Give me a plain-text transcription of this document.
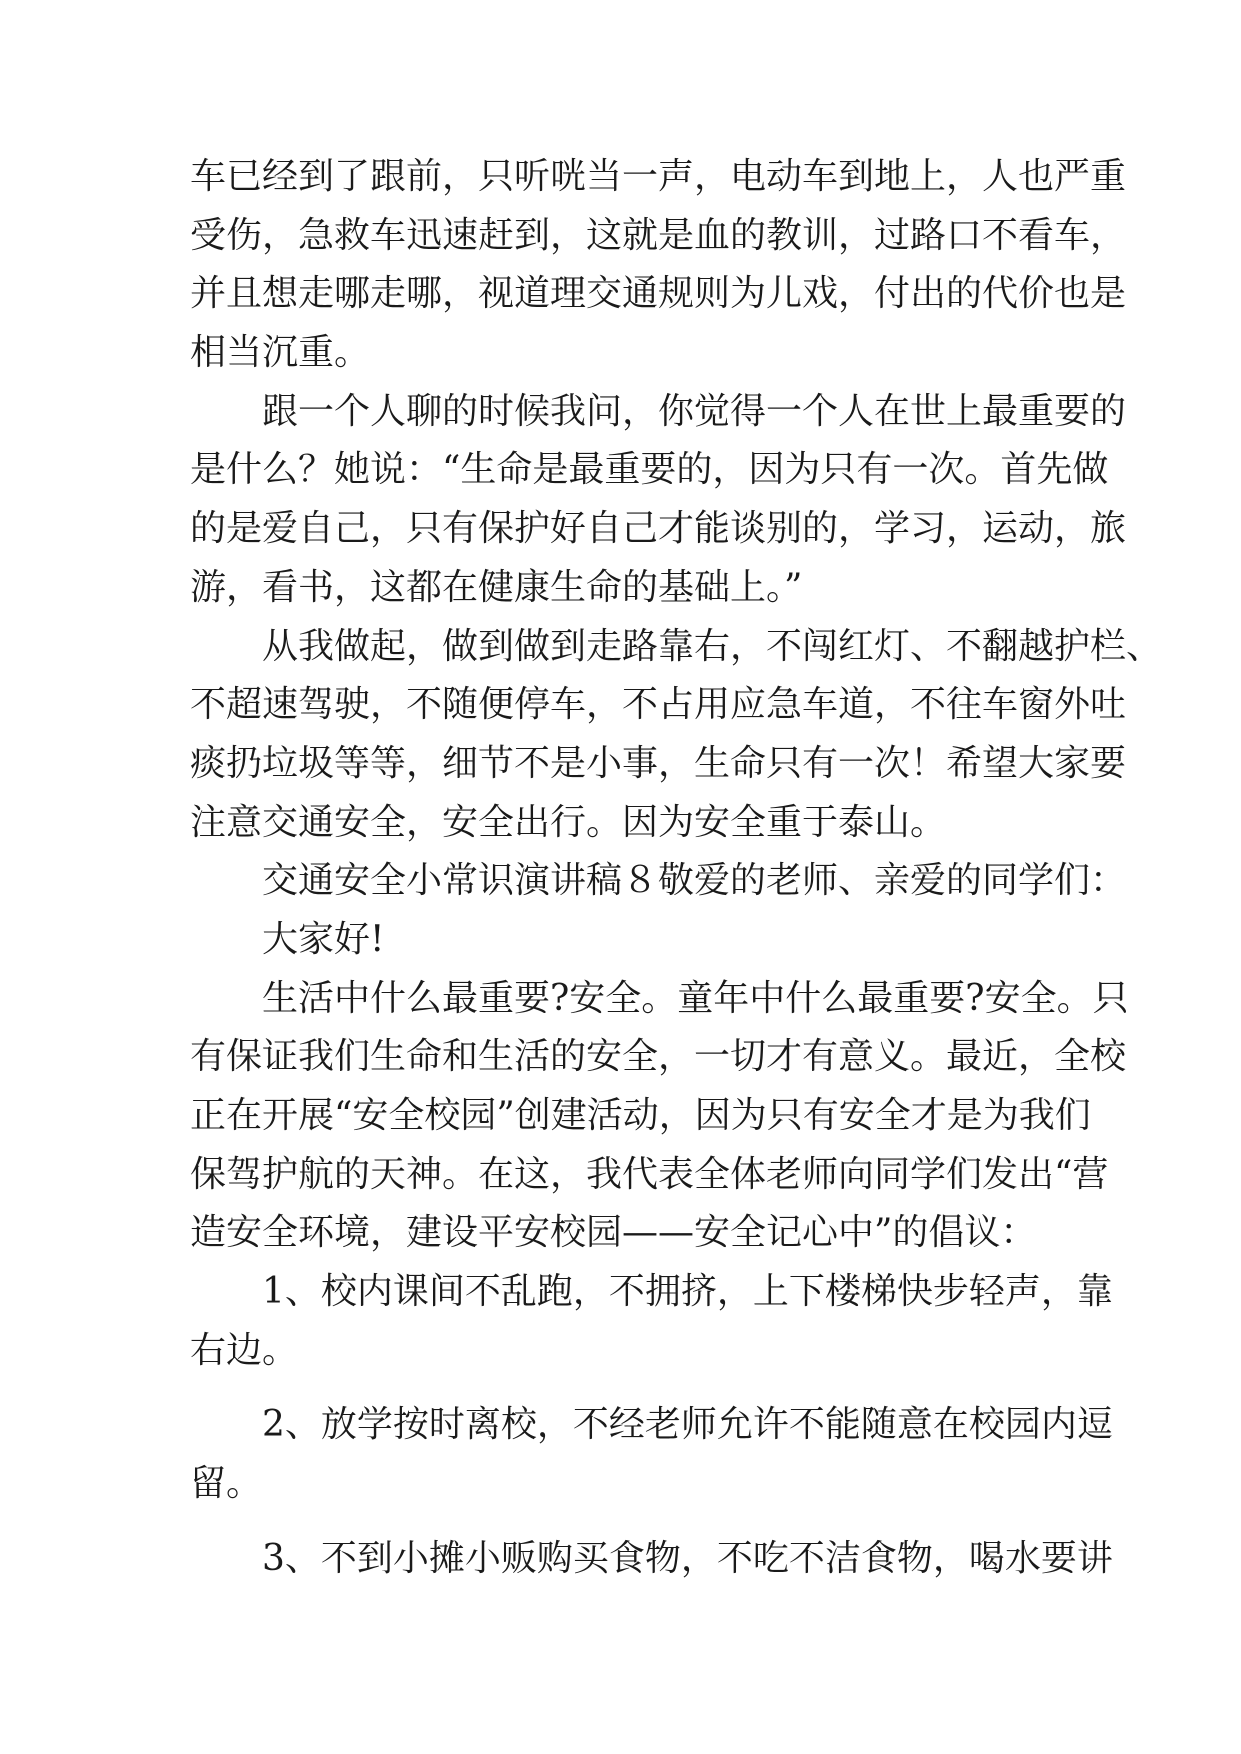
车已经到了跟前，只听咣当一声，电动车到地上，人也严重
受伤，急救车迅速赶到，这就是血的教训，过路口不看车，
并且想走哪走哪，视道理交通规则为儿戏，付出的代价也是
相当沉重。
跟一个人聊的时候我问，你觉得一个人在世上最重要的
是什么？她说：“生命是最重要的，因为只有一次。首先做
的是爱自己，只有保护好自己才能谈别的，学习，运动，旅
游，看书，这都在健康生命的基础上。”
从我做起，做到做到走路靠右，不闯红灯、不翻越护栏、
不超速驾驶，不随便停车，不占用应急车道，不往车窗外吐
痰扔垃圾等等，细节不是小事，生命只有一次！希望大家要
注意交通安全，安全出行。因为安全重于泰山。
交通安全小常识演讲稿８敬爱的老师、亲爱的同学们：
大家好!
生活中什么最重要?安全。童年中什么最重要?安全。只
有保证我们生命和生活的安全，一切才有意义。最近，全校
正在开展“安全校园”创建活动，因为只有安全才是为我们
保驾护航的天神。在这，我代表全体老师向同学们发出“营
造安全环境，建设平安校园——安全记心中”的倡议：
1、校内课间不乱跑，不拥挤，上下楼梯快步轻声，靠
右边。
2、放学按时离校，不经老师允许不能随意在校园内逗
留。
3、不到小摊小贩购买食物，不吃不洁食物，喝水要讲
